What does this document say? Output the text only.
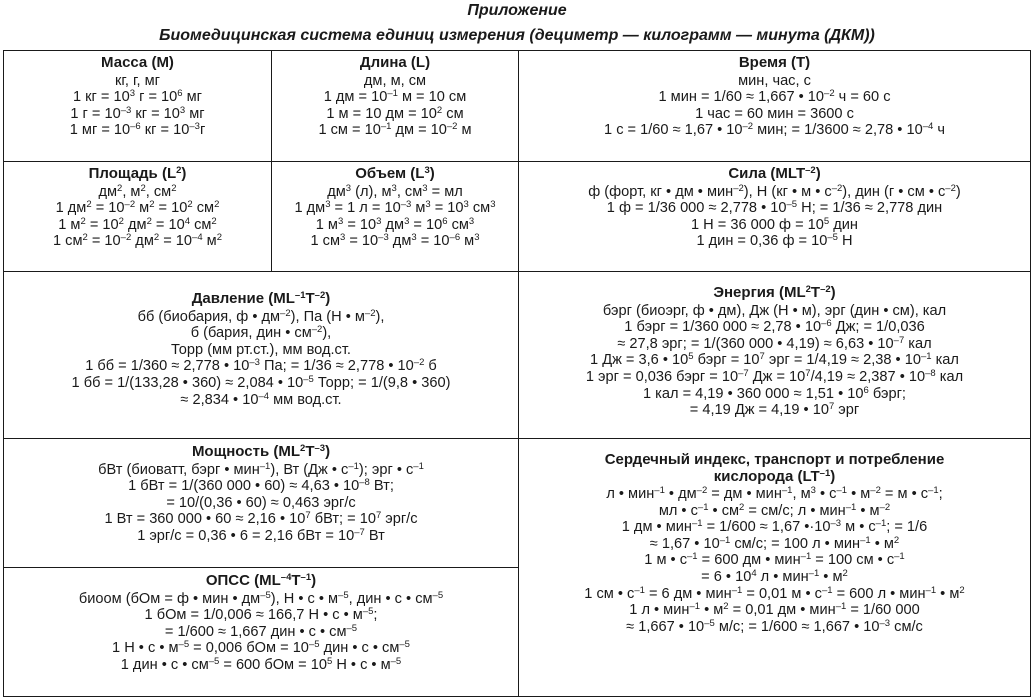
Приложение
Биомедицинская система единиц измерения (дециметр — килограмм — минута (ДКМ))
Масса (M)
кг, г, мг
1 кг = $10^3$ $г = 10^6$ мг
1 $г = 10^{-3}$ кг = $10^3$ мг
1 мг = $10^{-6}$ кг = $10^{-3}г$
Длина (L)
дм, м, см
1 дм = $10^{-1}$ м = 10 см
1 м = 10 дм = $10^2$ см
1 см = $10^{-1}$ дм = $10^{-2}$ м
Время (T)
мин, час, с
1 мин = 1/60 ≈ 1,667 • $10^{-2}$ ч = 60 с
1 час = 60 мин = 3600 с
1 с = 1/60 ≈ 1,67 • $10^{-2}$ мин; = 1/3600 ≈ 2,78 • $10^{-4}$ ч
Площадь $(L^2)$
$дм^2$, $м^2$, $см^2$
1 $дм^2 = 10^{-2}$ $м^2 = 10^2$ $см^2$
1 $м^2 = 10^2$ $дм^2 = 10^4$ $см^2$
1 $см^2 = 10^{-2}$ $дм^2 = 10^{-4}$ $м^2$
Объем $(L^3)$
$дм^3$ (л), $м^3$, $см^3$ = мл
1 $дм^3 = 1$ $л = 10^{-3}$ $м^3 = 10^3$ $см^3$
1 $м^3 = 10^3$ $дм^3 = 10^6$ $см^3$
1 $см^3 = 10^{-3}$ $дм^3 = 10^{-6}$ $м^3$
Сила $(MLT^{-2})$
ф (форт, кг • дм • мин$^{-2}$), Н (кг • м • $с^{-2}$), дин (г • см • $с^{-2}$)
1 ф = 1/36 000 ≈ 2,778 • $10^{-5}$ Н; = 1/36 ≈ 2,778 дин
1 Н = 36 000 $ф = 10^5$ дин
1 дин = 0,36 $ф = 10^{-5}$ Н
Давление $(ML^{-1}T^{-2})$
бб (биобария, ф • $дм^{-2}$), Па (Н • $м^{-2}$),
б (бария, дин • $см^{-2}$),
Торр (мм рт.ст.), мм вод.ст.
1 бб = 1/360 ≈ 2,778 • $10^{-3}$ Па; = 1/36 ≈ 2,778 • $10^{-2}$ б
1 бб = 1/(133,28 • 360) ≈ 2,084 • $10^{-5}$ Торр; = 1/(9,8 • 360)
≈ 2,834 • $10^{-4}$ мм вод.ст.
Энергия $(ML^2T^{-2})$
бэрг (биоэрг, ф • дм), Дж (Н • м), эрг (дин • см), кал
1 бэрг = 1/360 000 ≈ 2,78 • $10^{-6}$ Дж; = 1/0,036
≈ 27,8 эрг; = 1/(360 000 • 4,19) ≈ 6,63 • $10^{-7}$ кал
1 Дж = 3,6 • $10^5$ бэрг = $10^7$ эрг = 1/4,19 ≈ 2,38 • $10^{-1}$ кал
1 эрг = 0,036 бэрг = $10^{-7}$ Дж = $10^7/4,19 \approx 2,387$ • $10^{-8}$ кал
1 кал = 4,19 • 360 000 ≈ 1,51 • $10^6$ бэрг;
= 4,19 Дж = 4,19 • $10^7$ эрг
Мощность $(ML^2T^{-3})$
бВт (биоватт, бэрг • мин$^{-1}$), Вт (Дж • $с^{-1}$); эрг • $с^{-1}$
1 бВт = 1/(360 000 • 60) ≈ 4,63 • $10^{-8}$ Вт;
= 10/(0,36 • 60) ≈ 0,463 эрг/с
1 Вт = 360 000 • 60 ≈ 2,16 • $10^7$ бВт; = $10^7$ эрг/с
1 эрг/с = 0,36 • 6 = 2,16 бВт = $10^{-7}$ Вт
Сердечный индекс, транспорт и потребление кислорода $(LT^{-1})$
л • мин$^{-1}$ • $дм^{-2}$ = дм • мин$^{-1}$, $м^3$ • $с^{-1}$ • $м^{-2} = м$ • $с^{-1}$;
мл • $с^{-1}$ • $см^2 = см/с$; л • мин$^{-1}$ • $м^{-2}$
1 дм • мин$^{-1}$ = 1/600 ≈ 1,67 $•\cdot 10^{-3}$ м • $с^{-1}$; = 1/6
≈ 1,67 • $10^{-1}$ см/с; = 100 л • мин$^{-1}$ • $м^2$
1 м • $с^{-1} = 600$ дм • мин$^{-1}$ = 100 см • $с^{-1}$
= 6 • $10^4$ л • мин$^{-1}$ • $м^2$
1 см • $с^{-1} = 6$ дм • мин$^{-1}$ = 0,01 м • $с^{-1} = 600$ л • мин$^{-1}$ • $м^2$
1 л • мин$^{-1}$ • $м^2 = 0,01$ дм • мин$^{-1}$ = 1/60 000
≈ 1,667 • $10^{-5}$ м/с; = 1/600 ≈ 1,667 • $10^{-3}$ см/с
ОПСС $(ML^{-4}T^{-1})$
биоом (бОм = ф • мин • $дм^{-5}$), Н • с • $м^{-5}$, дин • с • $см^{-5}$
1 бОм = 1/0,006 ≈ 166,7 Н • с • $м^{-5}$;
= 1/600 ≈ 1,667 дин • с • $см^{-5}$
1 Н • с • $м^{-5} = 0,006$ бОм = $10^{-5}$ дин • с • $см^{-5}$
1 дин • с • $см^{-5} = 600$ бОм = $10^5$ Н • с • $м^{-5}$
